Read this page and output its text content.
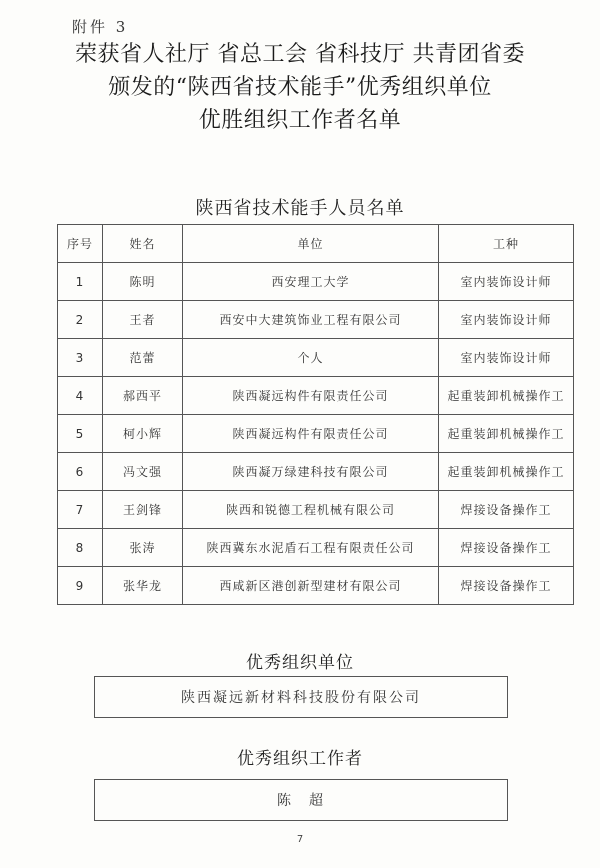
附件 3
荣获省人社厅 省总工会 省科技厅 共青团省委
颁发的“陕西省技术能手”优秀组织单位
优胜组织工作者名单
陕西省技术能手人员名单
序号	姓名	单位	工种
1	陈明	西安理工大学	室内装饰设计师
2	王者	西安中大建筑饰业工程有限公司	室内装饰设计师
3	范蕾	个人	室内装饰设计师
4	郝西平	陕西凝远构件有限责任公司	起重装卸机械操作工
5	柯小辉	陕西凝远构件有限责任公司	起重装卸机械操作工
6	冯文强	陕西凝万绿建科技有限公司	起重装卸机械操作工
7	王剑锋	陕西和锐德工程机械有限公司	焊接设备操作工
8	张涛	陕西冀东水泥盾石工程有限责任公司	焊接设备操作工
9	张华龙	西咸新区港创新型建材有限公司	焊接设备操作工
优秀组织单位
陕西凝远新材料科技股份有限公司
优秀组织工作者
陈　超
7
